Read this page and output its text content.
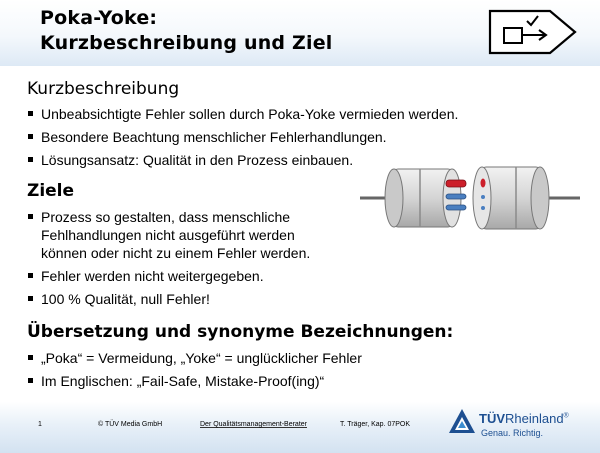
Poka-Yoke:
Kurzbeschreibung und Ziel
Kurzbeschreibung
Unbeabsichtigte Fehler sollen durch Poka-Yoke vermieden werden.
Besondere Beachtung menschlicher Fehlerhandlungen.
Lösungsansatz: Qualität in den Prozess einbauen.
Ziele
Prozess so gestalten, dass menschliche
Fehlhandlungen nicht ausgeführt werden
können oder nicht zu einem Fehler werden.
Fehler werden nicht weitergegeben.
100 % Qualität, null Fehler!
Übersetzung und synonyme Bezeichnungen:
„Poka“ = Vermeidung, „Yoke“ = unglücklicher Fehler
Im Englischen: „Fail-Safe, Mistake-Proof(ing)“
1	© TÜV Media GmbH	Der Qualitätsmanagement-Berater	T. Träger, Kap. 07POK	TÜVRheinland®
Genau. Richtig.
